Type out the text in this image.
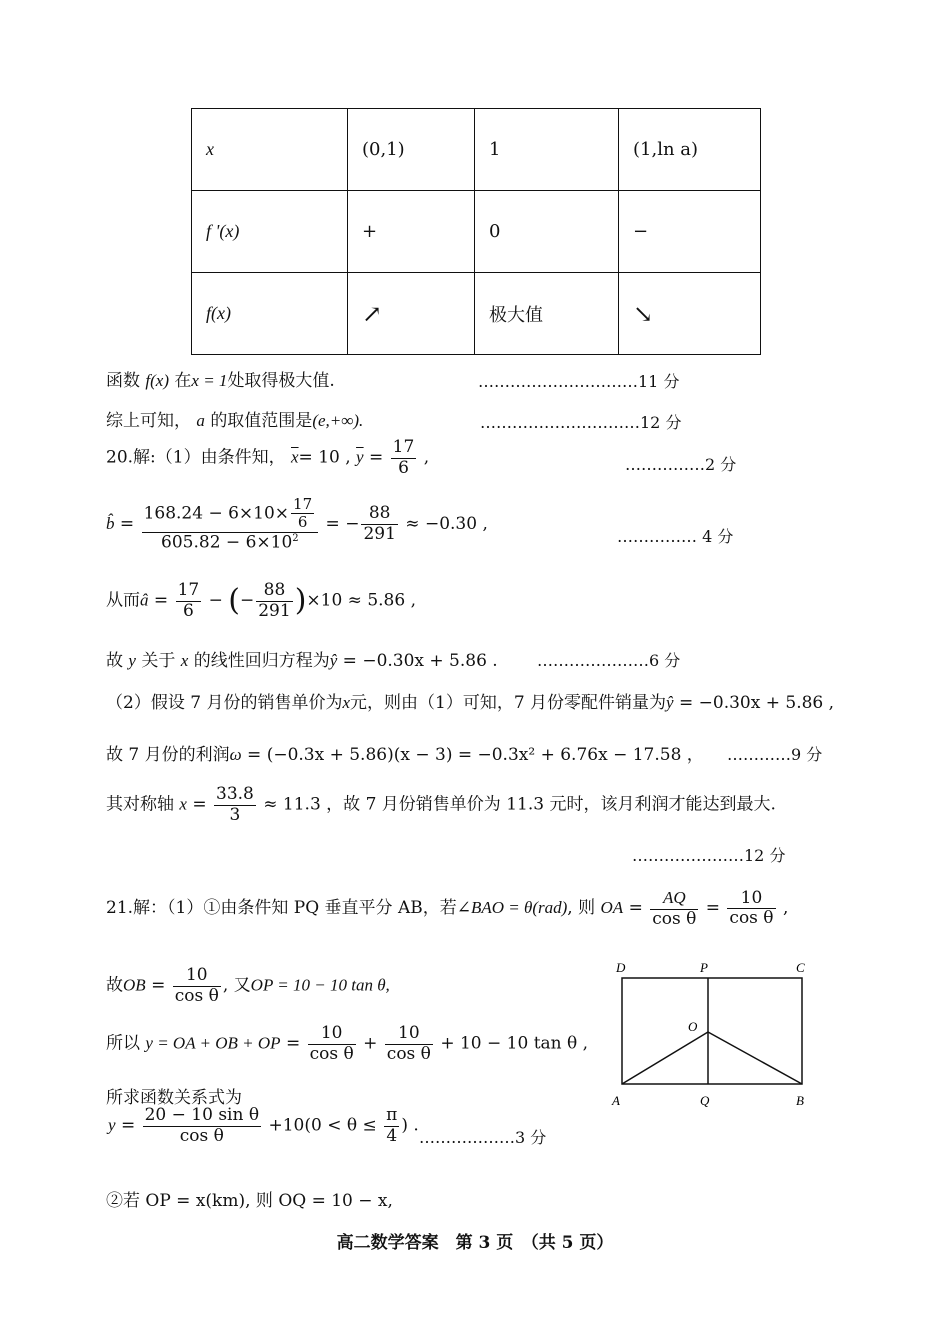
x	(0,1)	1	(1,ln a)
f '(x)	+	0	−
f(x)	↗	极大值	↘
函数 f(x) 在x = 1处取得极大值.	…………………………11 分
综上可知， a 的取值范围是(e,+∞).	…………………………12 分
20.解:（1）由条件知， $\overline{x}= 10$ , $\overline{y} = \frac{17}{6}$ ,	……………2 分
b̂ = $\frac{168.24 - 6\times 10\times \frac{17}{6}}{605.82 - 6\times 10^2}$ = − $\frac{88}{291} \approx -0.30$ ,
…………… 4 分
从而â = $\frac{17}{6}$ − (− $\frac{88}{291} )\times 10 \approx 5.86$ ,
故 y 关于 x 的线性回归方程为ŷ = −0.30x + 5.86 . …………………6 分
（2）假设 7 月份的销售单价为x元，则由（1）可知，7 月份零配件销量为ŷ = −0.30x + 5.86 ,
故 7 月份的利润ω = (−0.3x + 5.86)(x − 3) = −0.3x² + 6.76x − 17.58 ， …………9 分
其对称轴 $x = \frac{33.8}{3} \approx 11.3$ ，故 7 月份销售单价为 11.3 元时，该月利润才能达到最大.
…………………12 分
21.解：（1）①由条件知 PQ 垂直平分 AB，若∠BAO = θ(rad), 则 OA = $\frac{AQ}{\text{cos θ}} = \frac{10}{\text{cos θ}}$ ,
故OB = $\frac{10}{\text{cos θ}}$ , 又OP = 10 − 10 tan θ,
所以 y = OA + OB + OP = $\frac{10}{\text{cos θ}} + \frac{10}{\text{cos θ}} + 10 - 10$ tan θ ,
所求函数关系式为
$y = \frac{\text{20 − 10 sin θ}}{\text{cos θ}} +10(0 < \theta \le \frac{\pi}{4}$ ) .
………………3 分
②若 OP = x(km), 则 OQ = 10 − x,
D	P	C
O
A	Q	B
高二数学答案　第 3 页　（共 5 页）
